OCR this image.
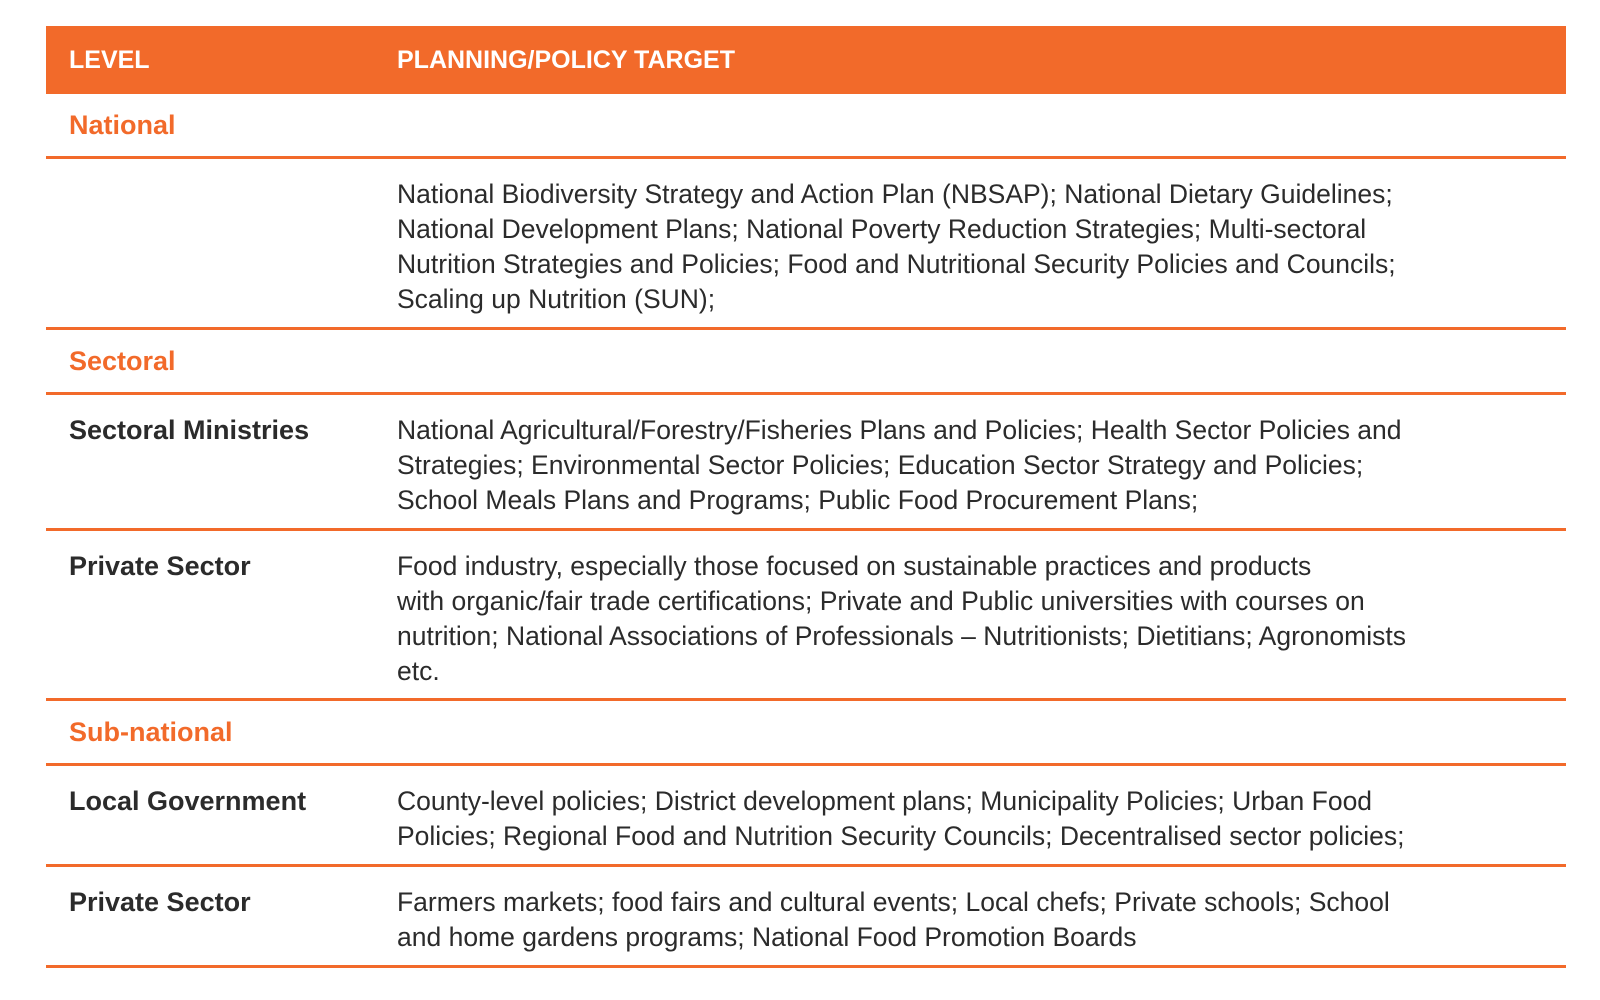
LEVEL	PLANNING/POLICY TARGET
National

National Biodiversity Strategy and Action Plan (NBSAP); National Dietary Guidelines;

National Development Plans; National Poverty Reduction Strategies; Multi-sectoral

Nutrition Strategies and Policies; Food and Nutritional Security Policies and Councils;

Scaling up Nutrition (SUN);

Sectoral
Sectoral Ministries	National Agricultural/Forestry/Fisheries Plans and Policies; Health Sector Policies and

Strategies; Environmental Sector Policies; Education Sector Strategy and Policies;

School Meals Plans and Programs; Public Food Procurement Plans;

Private Sector	Food industry, especially those focused on sustainable practices and products

with organic/fair trade certifications; Private and Public universities with courses on

nutrition; National Associations of Professionals – Nutritionists; Dietitians; Agronomists

etc.

Sub-national
Local Government	County-level policies; District development plans; Municipality Policies; Urban Food

Policies; Regional Food and Nutrition Security Councils; Decentralised sector policies;

Private Sector	Farmers markets; food fairs and cultural events; Local chefs; Private schools; School

and home gardens programs; National Food Promotion Boards
